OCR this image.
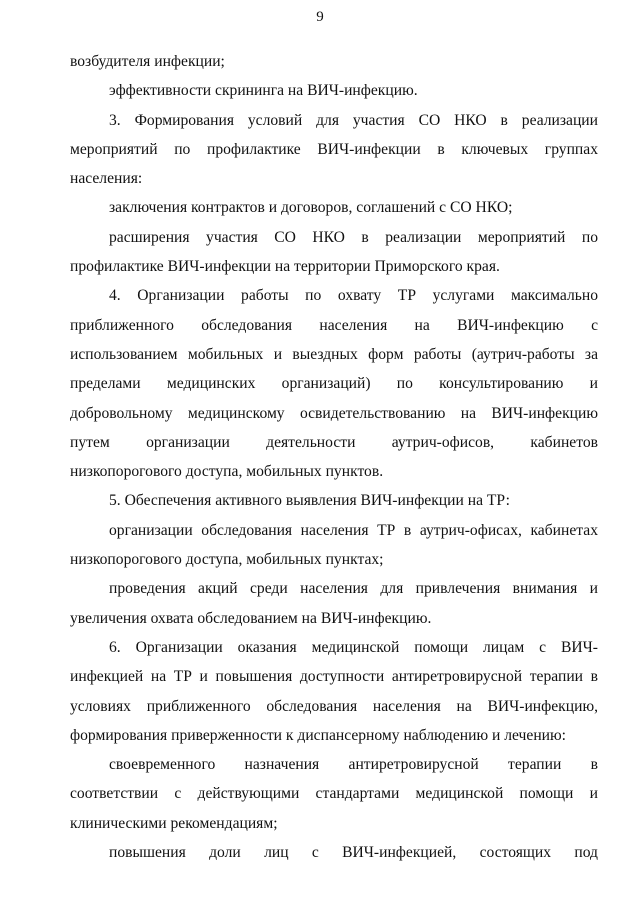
9

возбудителя инфекции;

эффективности скрининга на ВИЧ-инфекцию.

3. Формирования условий для участия СО НКО в реализации
мероприятий по профилактике ВИЧ-инфекции в ключевых группах
населения:

заключения контрактов и договоров, соглашений с СО НКО;

расширения участия СО НКО в реализации мероприятий по
профилактике ВИЧ-инфекции на территории Приморского края.

4. Организации работы по охвату ТР услугами максимально
приближенного обследования населения на ВИЧ-инфекцию с
использованием мобильных и выездных форм работы (аутрич-работы за
пределами медицинских организаций) по консультированию и
добровольному медицинскому освидетельствованию на ВИЧ-инфекцию
путем организации деятельности аутрич-офисов, кабинетов
низкопорогового доступа, мобильных пунктов.

5. Обеспечения активного выявления ВИЧ-инфекции на ТР:

организации обследования населения ТР в аутрич-офисах, кабинетах
низкопорогового доступа, мобильных пунктах;

проведения акций среди населения для привлечения внимания и
увеличения охвата обследованием на ВИЧ-инфекцию.

6. Организации оказания медицинской помощи лицам с ВИЧ-
инфекцией на ТР и повышения доступности антиретровирусной терапии в
условиях приближенного обследования населения на ВИЧ-инфекцию,
формирования приверженности к диспансерному наблюдению и лечению:

своевременного назначения антиретровирусной терапии в
соответствии с действующими стандартами медицинской помощи и
клиническими рекомендациям;

повышения доли лиц с ВИЧ-инфекцией, состоящих под
